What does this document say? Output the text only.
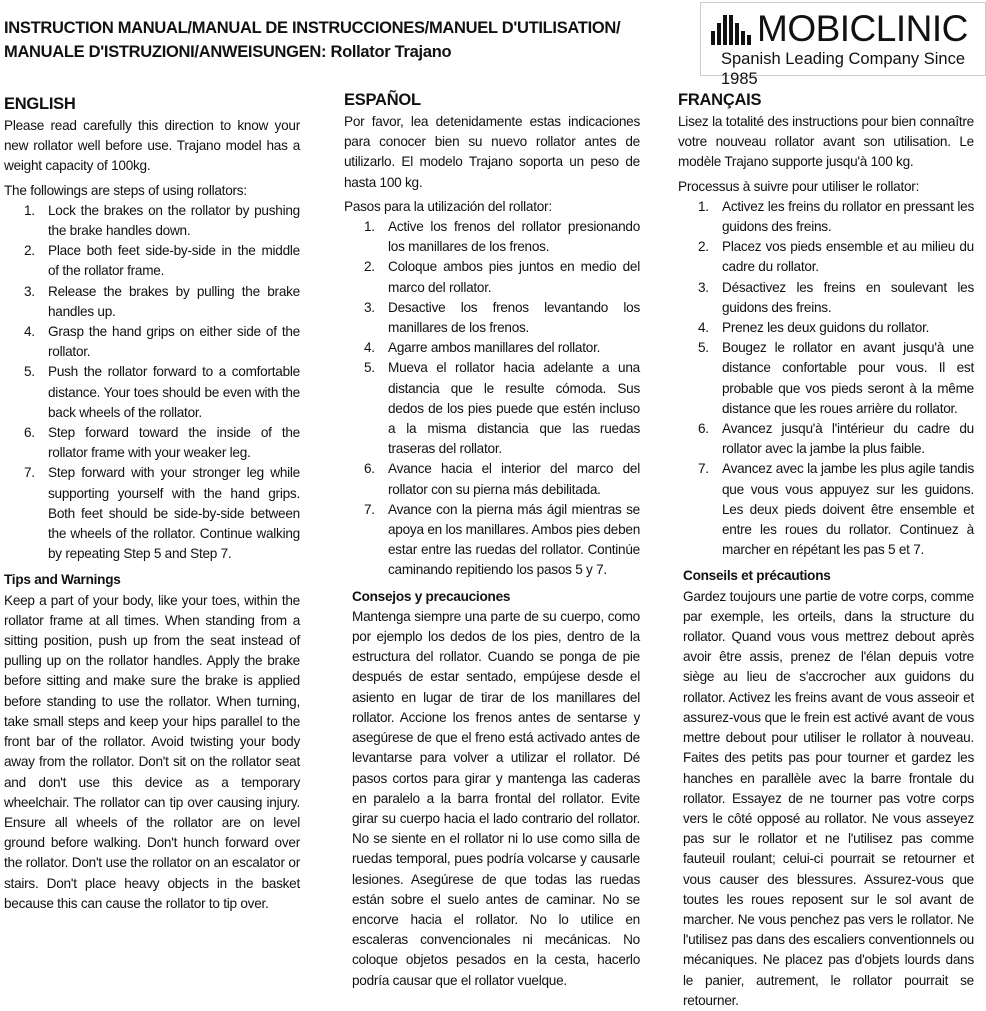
INSTRUCTION MANUAL/MANUAL DE INSTRUCCIONES/MANUEL D'UTILISATION/
MANUALE D'ISTRUZIONI/ANWEISUNGEN: Rollator Trajano
MOBICLINIC
Spanish Leading Company Since 1985
ENGLISH

Please read carefully this direction to know your new rollator well before use. Trajano model has a weight capacity of 100kg.

The followings are steps of using rollators:

1. Lock the brakes on the rollator by pushing the brake handles down.
2. Place both feet side-by-side in the middle of the rollator frame.
3. Release the brakes by pulling the brake handles up.
4. Grasp the hand grips on either side of the rollator.
5. Push the rollator forward to a comfortable distance. Your toes should be even with the back wheels of the rollator.
6. Step forward toward the inside of the rollator frame with your weaker leg.
7. Step forward with your stronger leg while supporting yourself with the hand grips. Both feet should be side-by-side between the wheels of the rollator. Continue walking by repeating Step 5 and Step 7.

Tips and Warnings

Keep a part of your body, like your toes, within the rollator frame at all times. When standing from a sitting position, push up from the seat instead of pulling up on the rollator handles. Apply the brake before sitting and make sure the brake is applied before standing to use the rollator. When turning, take small steps and keep your hips parallel to the front bar of the rollator. Avoid twisting your body away from the rollator. Don't sit on the rollator seat and don't use this device as a temporary wheelchair. The rollator can tip over causing injury. Ensure all wheels of the rollator are on level ground before walking. Don't hunch forward over the rollator. Don't use the rollator on an escalator or stairs. Don't place heavy objects in the basket because this can cause the rollator to tip over.

ESPAÑOL

Por favor, lea detenidamente estas indicaciones para conocer bien su nuevo rollator antes de utilizarlo. El modelo Trajano soporta un peso de hasta 100 kg.

Pasos para la utilización del rollator:

1. Active los frenos del rollator presionando los manillares de los frenos.
2. Coloque ambos pies juntos en medio del marco del rollator.
3. Desactive los frenos levantando los manillares de los frenos.
4. Agarre ambos manillares del rollator.
5. Mueva el rollator hacia adelante a una distancia que le resulte cómoda. Sus dedos de los pies puede que estén incluso a la misma distancia que las ruedas traseras del rollator.
6. Avance hacia el interior del marco del rollator con su pierna más debilitada.
7. Avance con la pierna más ágil mientras se apoya en los manillares. Ambos pies deben estar entre las ruedas del rollator. Continúe caminando repitiendo los pasos 5 y 7.

Consejos y precauciones

Mantenga siempre una parte de su cuerpo, como por ejemplo los dedos de los pies, dentro de la estructura del rollator. Cuando se ponga de pie después de estar sentado, empújese desde el asiento en lugar de tirar de los manillares del rollator. Accione los frenos antes de sentarse y asegúrese de que el freno está activado antes de levantarse para volver a utilizar el rollator. Dé pasos cortos para girar y mantenga las caderas en paralelo a la barra frontal del rollator. Evite girar su cuerpo hacia el lado contrario del rollator. No se siente en el rollator ni lo use como silla de ruedas temporal, pues podría volcarse y causarle lesiones. Asegúrese de que todas las ruedas están sobre el suelo antes de caminar. No se encorve hacia el rollator. No lo utilice en escaleras convencionales ni mecánicas. No coloque objetos pesados en la cesta, hacerlo podría causar que el rollator vuelque.

FRANÇAIS

Lisez la totalité des instructions pour bien connaître votre nouveau rollator avant son utilisation. Le modèle Trajano supporte jusqu'à 100 kg.

Processus à suivre pour utiliser le rollator:

1. Activez les freins du rollator en pressant les guidons des freins.
2. Placez vos pieds ensemble et au milieu du cadre du rollator.
3. Désactivez les freins en soulevant les guidons des freins.
4. Prenez les deux guidons du rollator.
5. Bougez le rollator en avant jusqu'à une distance confortable pour vous. Il est probable que vos pieds seront à la même distance que les roues arrière du rollator.
6. Avancez jusqu'à l'intérieur du cadre du rollator avec la jambe la plus faible.
7. Avancez avec la jambe les plus agile tandis que vous vous appuyez sur les guidons. Les deux pieds doivent être ensemble et entre les roues du rollator. Continuez à marcher en répétant les pas 5 et 7.

Conseils et précautions

Gardez toujours une partie de votre corps, comme par exemple, les orteils, dans la structure du rollator. Quand vous vous mettrez debout après avoir être assis, prenez de l'élan depuis votre siège au lieu de s'accrocher aux guidons du rollator. Activez les freins avant de vous asseoir et assurez-vous que le frein est activé avant de vous mettre debout pour utiliser le rollator à nouveau. Faites des petits pas pour tourner et gardez les hanches en parallèle avec la barre frontale du rollator. Essayez de ne tourner pas votre corps vers le côté opposé au rollator. Ne vous asseyez pas sur le rollator et ne l'utilisez pas comme fauteuil roulant; celui-ci pourrait se retourner et vous causer des blessures. Assurez-vous que toutes les roues reposent sur le sol avant de marcher. Ne vous penchez pas vers le rollator. Ne l'utilisez pas dans des escaliers conventionnels ou mécaniques. Ne placez pas d'objets lourds dans le panier, autrement, le rollator pourrait se retourner.
